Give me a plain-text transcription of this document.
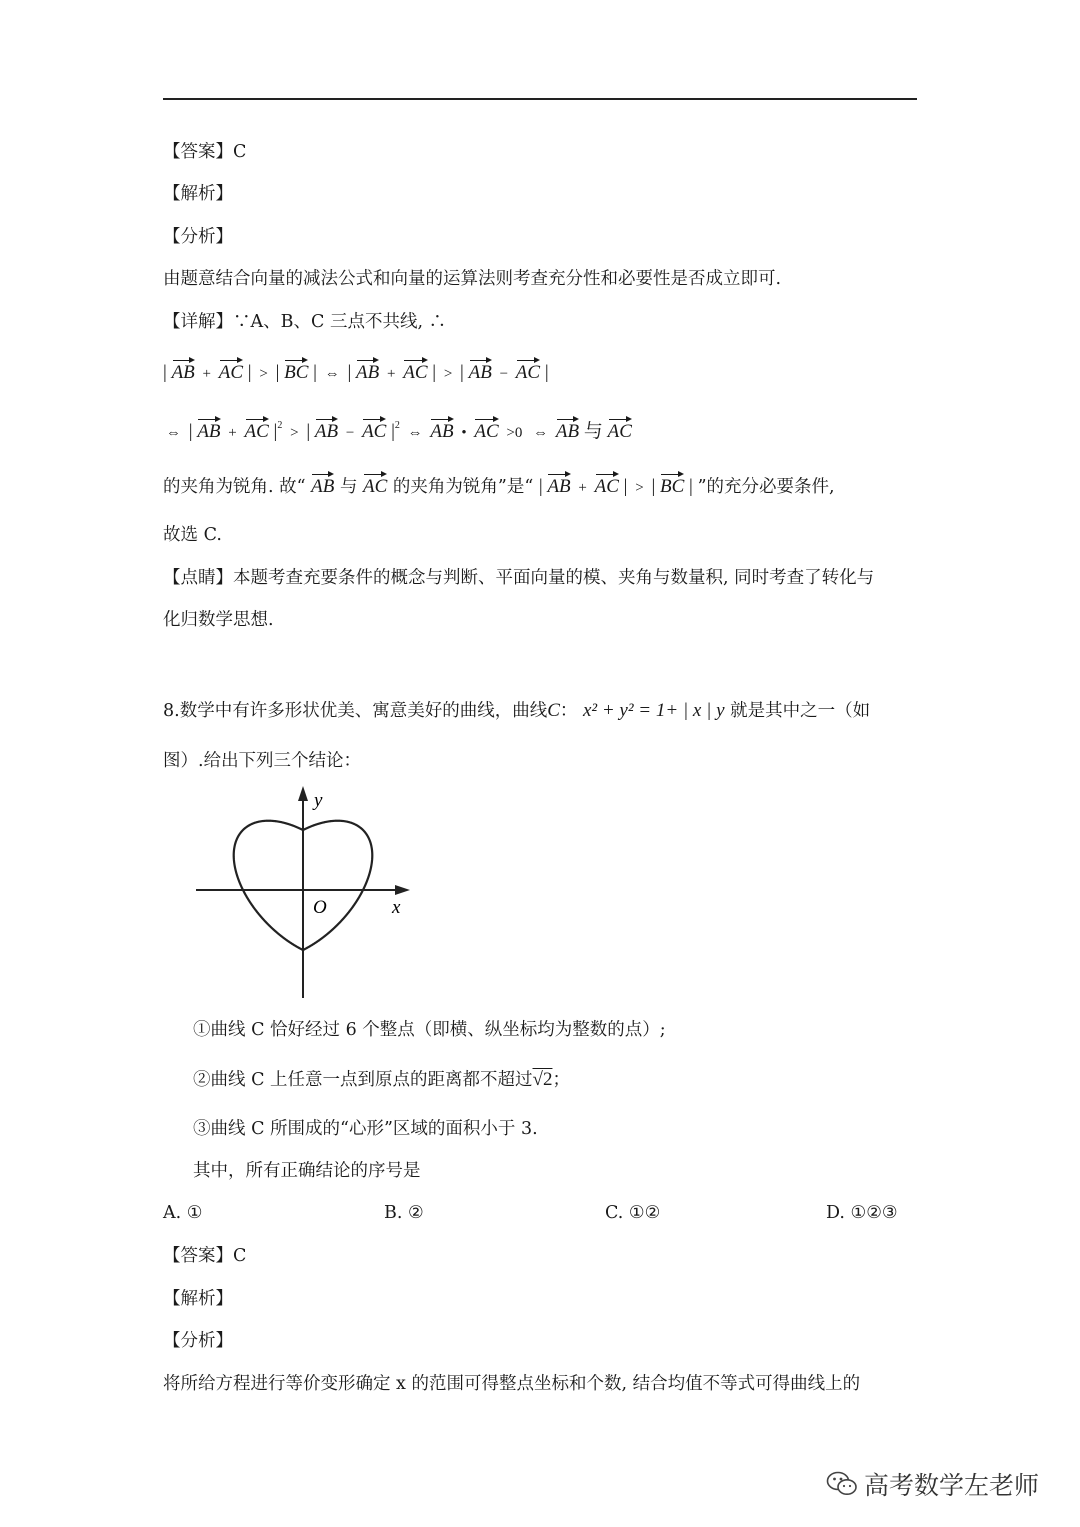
【答案】C
【解析】
【分析】
由题意结合向量的减法公式和向量的运算法则考查充分性和必要性是否成立即可.
【详解】∵A、B、C 三点不共线, ∴
| AB + AC | > | BC | ⇔ | AB + AC | > | AB − AC |
⇔ | AB + AC $|^2$ > | AB − AC $|^2$ ⇔ AB • AC >0 ⇔ AB 与 AC
的夹角为锐角. 故“ AB 与 AC 的夹角为锐角”是“ | AB + AC | > | BC | ”的充分必要条件,
故选 C.
【点睛】本题考查充要条件的概念与判断、平面向量的模、夹角与数量积, 同时考查了转化与
化归数学思想.
8.数学中有许多形状优美、寓意美好的曲线，曲线C： x² + y² = 1+ | x | y 就是其中之一（如
图）.给出下列三个结论：
y
x
O
①曲线 C 恰好经过 6 个整点（即横、纵坐标均为整数的点）;
②曲线 C 上任意一点到原点的距离都不超过√2；
③曲线 C 所围成的“心形”区域的面积小于 3.
其中，所有正确结论的序号是
A. ①	B. ②	C. ①②	D. ①②③
【答案】C
【解析】
【分析】
将所给方程进行等价变形确定 x 的范围可得整点坐标和个数, 结合均值不等式可得曲线上的
高考数学左老师
